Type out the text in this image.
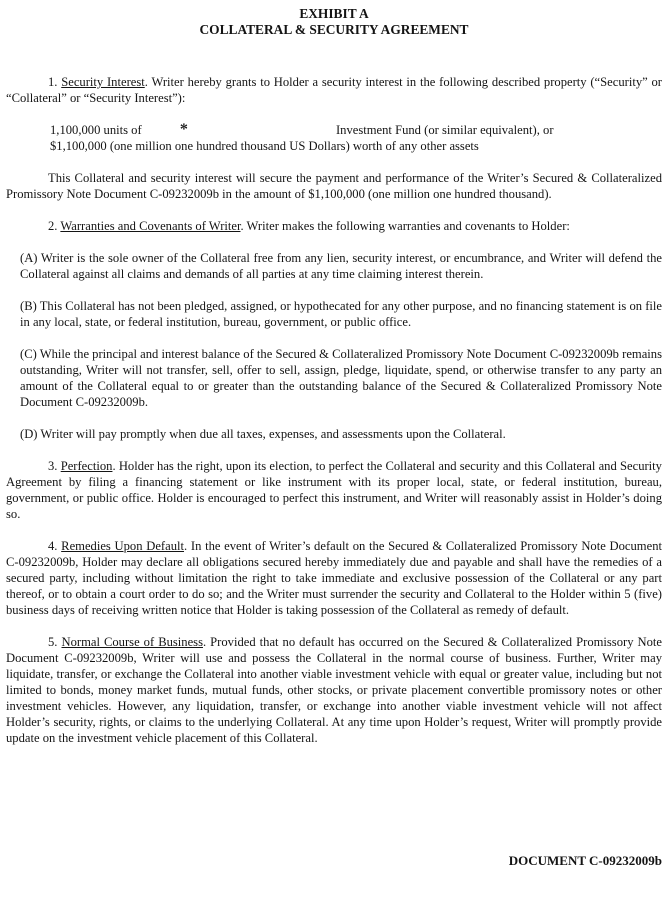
EXHIBIT A
COLLATERAL & SECURITY AGREEMENT

1. Security Interest. Writer hereby grants to Holder a security interest in the following described property (“Security” or “Collateral” or “Security Interest”):

1,100,000 units of *	Investment Fund (or similar equivalent), or

$1,100,000 (one million one hundred thousand US Dollars) worth of any other assets

This Collateral and security interest will secure the payment and performance of the Writer’s Secured & Collateralized Promissory Note Document C-09232009b in the amount of $1,100,000 (one million one hundred thousand).

2. Warranties and Covenants of Writer. Writer makes the following warranties and covenants to Holder:

(A) Writer is the sole owner of the Collateral free from any lien, security interest, or encumbrance, and Writer will defend the Collateral against all claims and demands of all parties at any time claiming interest therein.

(B) This Collateral has not been pledged, assigned, or hypothecated for any other purpose, and no financing statement is on file in any local, state, or federal institution, bureau, government, or public office.

(C) While the principal and interest balance of the Secured & Collateralized Promissory Note Document C-09232009b remains outstanding, Writer will not transfer, sell, offer to sell, assign, pledge, liquidate, spend, or otherwise transfer to any party an amount of the Collateral equal to or greater than the outstanding balance of the Secured & Collateralized Promissory Note Document C-09232009b.

(D) Writer will pay promptly when due all taxes, expenses, and assessments upon the Collateral.

3. Perfection. Holder has the right, upon its election, to perfect the Collateral and security and this Collateral and Security Agreement by filing a financing statement or like instrument with its proper local, state, or federal institution, bureau, government, or public office. Holder is encouraged to perfect this instrument, and Writer will reasonably assist in Holder’s doing so.

4. Remedies Upon Default. In the event of Writer’s default on the Secured & Collateralized Promissory Note Document C-09232009b, Holder may declare all obligations secured hereby immediately due and payable and shall have the remedies of a secured party, including without limitation the right to take immediate and exclusive possession of the Collateral or any part thereof, or to obtain a court order to do so; and the Writer must surrender the security and Collateral to the Holder within 5 (five) business days of receiving written notice that Holder is taking possession of the Collateral as remedy of default.

5. Normal Course of Business. Provided that no default has occurred on the Secured & Collateralized Promissory Note Document C-09232009b, Writer will use and possess the Collateral in the normal course of business. Further, Writer may liquidate, transfer, or exchange the Collateral into another viable investment vehicle with equal or greater value, including but not limited to bonds, money market funds, mutual funds, other stocks, or private placement convertible promissory notes or other investment vehicles. However, any liquidation, transfer, or exchange into another viable investment vehicle will not affect Holder’s security, rights, or claims to the underlying Collateral. At any time upon Holder’s request, Writer will promptly provide update on the investment vehicle placement of this Collateral.

DOCUMENT C-09232009b
